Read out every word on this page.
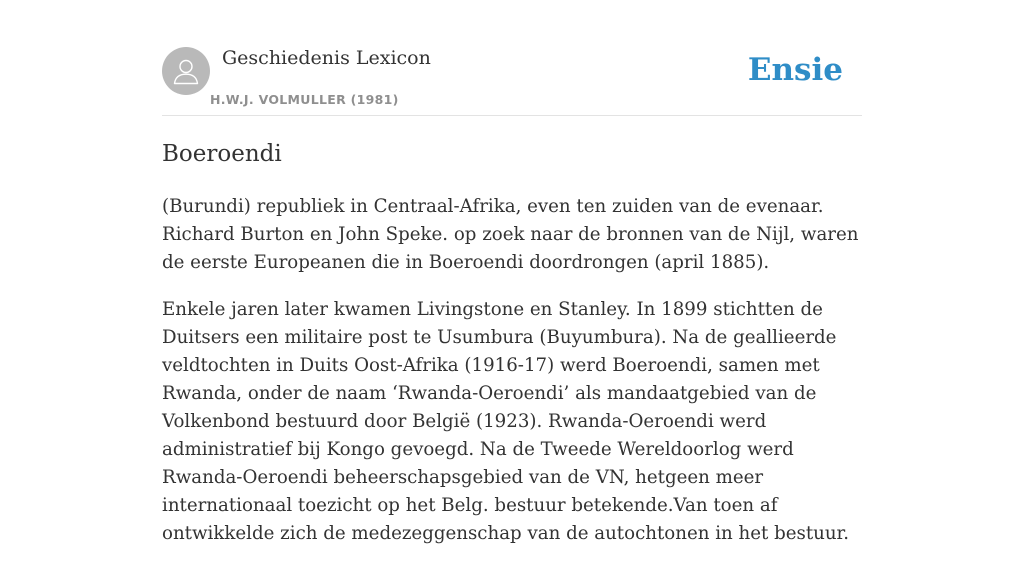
Geschiedenis Lexicon
H.W.J. VOLMULLER (1981)
Ensie
Boeroendi

(Burundi) republiek in Centraal-Afrika, even ten zuiden van de evenaar. Richard Burton en John Speke. op zoek naar de bronnen van de Nijl, waren de eerste Europeanen die in Boeroendi doordrongen (april 1885).

Enkele jaren later kwamen Livingstone en Stanley. In 1899 stichtten de Duitsers een militaire post te Usumbura (Buyumbura). Na de geallieerde veldtochten in Duits Oost-Afrika (1916-17) werd Boeroendi, samen met Rwanda, onder de naam ‘Rwanda-Oeroendi’ als mandaatgebied van de Volkenbond bestuurd door België (1923). Rwanda-Oeroendi werd administratief bij Kongo gevoegd. Na de Tweede Wereldoorlog werd Rwanda-Oeroendi beheerschapsgebied van de VN, hetgeen meer internationaal toezicht op het Belg. bestuur betekende.Van toen af ontwikkelde zich de medezeggenschap van de autochtonen in het bestuur.
